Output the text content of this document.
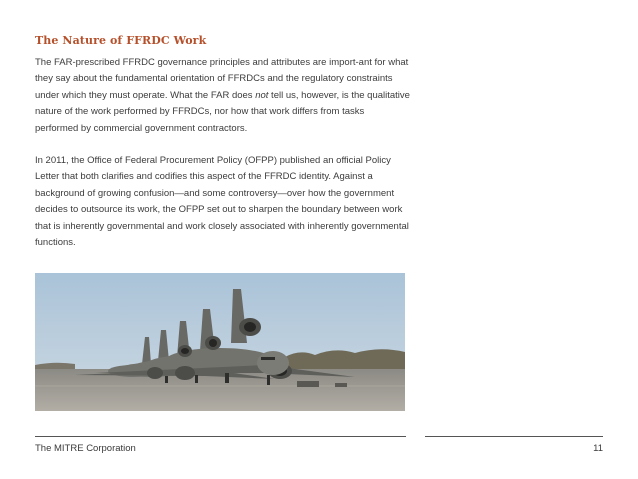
The Nature of FFRDC Work
The FAR-prescribed FFRDC governance principles and attributes are import-ant for what they say about the fundamental orientation of FFRDCs and the regulatory constraints under which they must operate. What the FAR does not tell us, however, is the qualitative nature of the work performed by FFRDCs, nor how that work differs from tasks performed by commercial government contractors.
In 2011, the Office of Federal Procurement Policy (OFPP) published an official Policy Letter that both clarifies and codifies this aspect of the FFRDC identity. Against a background of growing confusion—and some controversy—over how the government decides to outsource its work, the OFPP set out to sharpen the boundary between work that is inherently governmental and work closely associated with inherently governmental functions.
The MITRE Corporation	11
